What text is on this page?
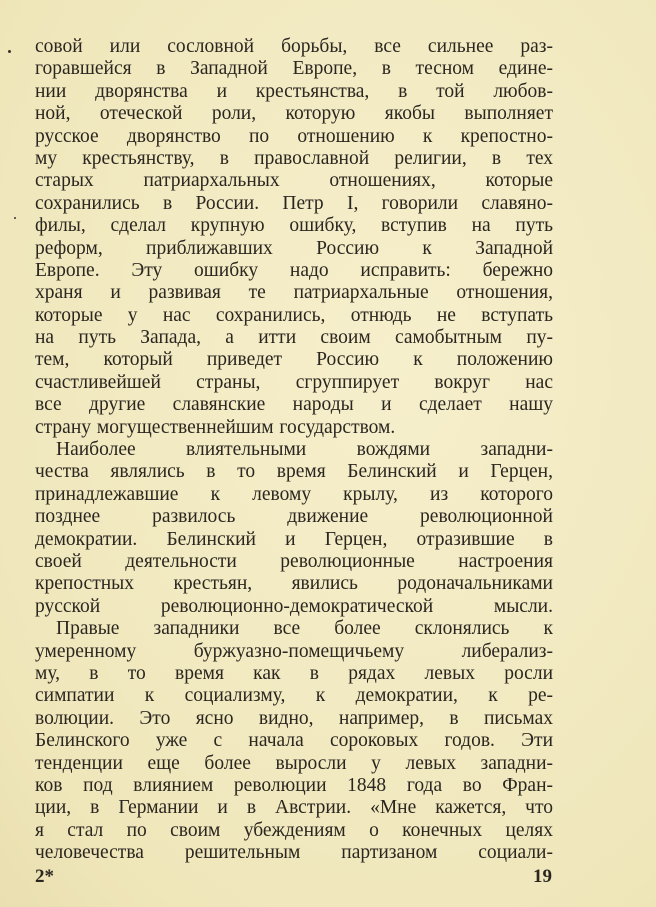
совой или сословной борьбы, все сильнее раз-
горавшейся в Западной Европе, в тесном едине-
нии дворянства и крестьянства, в той любов-
ной, отеческой роли, которую якобы выполняет
русское дворянство по отношению к крепостно-
му крестьянству, в православной религии, в тех
старых патриархальных отношениях, которые
сохранились в России. Петр I, говорили славяно-
филы, сделал крупную ошибку, вступив на путь
реформ, приближавших Россию к Западной
Европе. Эту ошибку надо исправить: бережно
храня и развивая те патриархальные отношения,
которые у нас сохранились, отнюдь не вступать
на путь Запада, а итти своим самобытным пу-
тем, который приведет Россию к положению
счастливейшей страны, сгруппирует вокруг нас
все другие славянские народы и сделает нашу
страну могущественнейшим государством.
Наиболее влиятельными вождями западни-
чества являлись в то время Белинский и Герцен,
принадлежавшие к левому крылу, из которого
позднее развилось движение революционной
демократии. Белинский и Герцен, отразившие в
своей деятельности революционные настроения
крепостных крестьян, явились родоначальниками
русской революционно-демократической мысли.
Правые западники все более склонялись к
умеренному буржуазно-помещичьему либерализ-
му, в то время как в рядах левых росли
симпатии к социализму, к демократии, к ре-
волюции. Это ясно видно, например, в письмах
Белинского уже с начала сороковых годов. Эти
тенденции еще более выросли у левых западни-
ков под влиянием революции 1848 года во Фран-
ции, в Германии и в Австрии. «Мне кажется, что
я стал по своим убеждениям о конечных целях
человечества решительным партизаном социали-
2*	19
